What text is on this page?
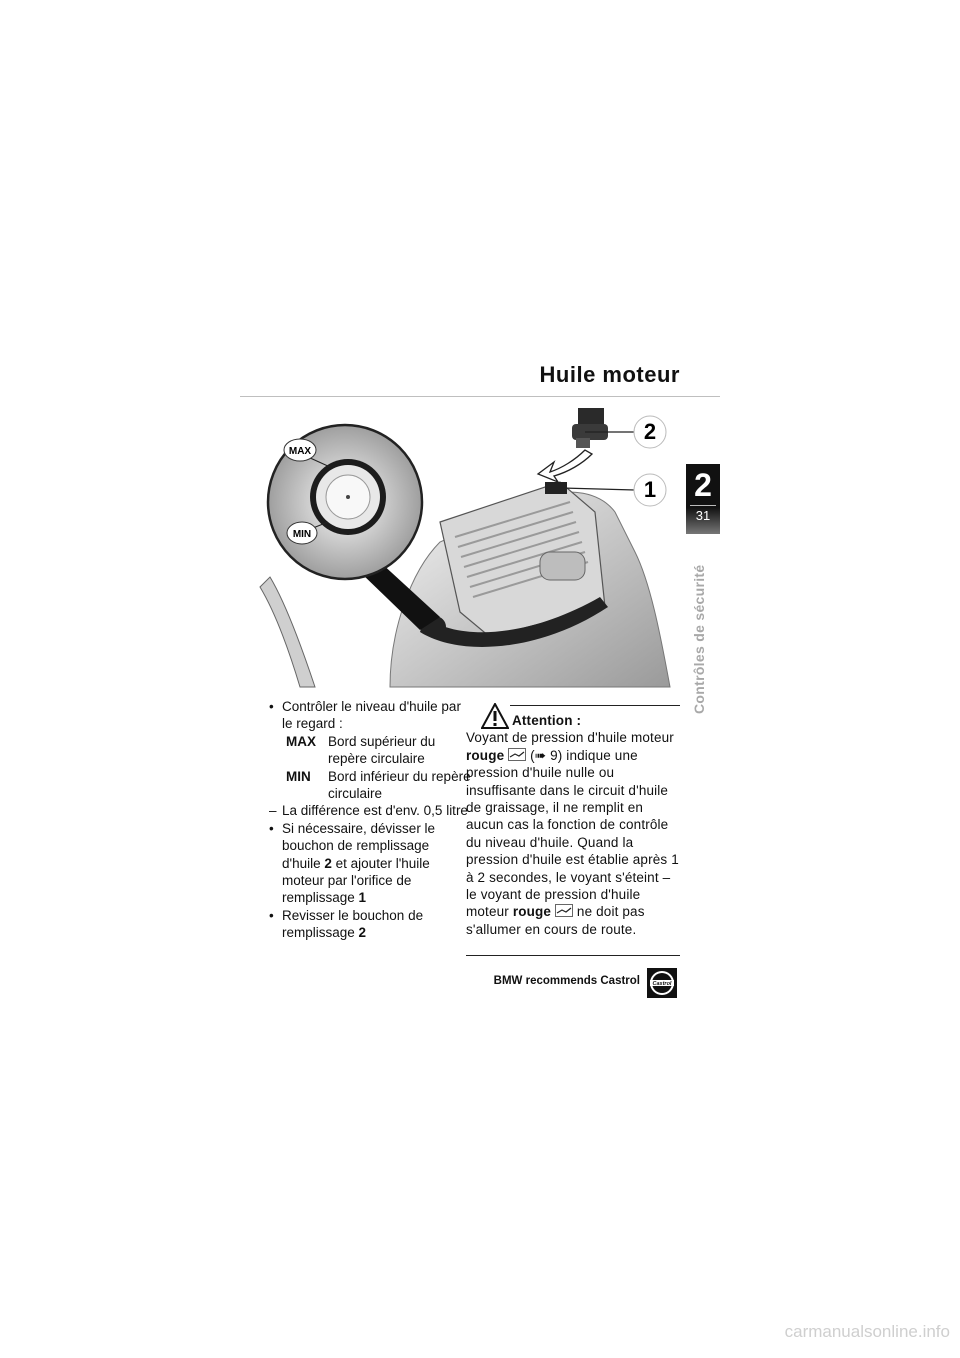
Huile moteur
2
1
MAX
MIN
2
31
Contrôles de sécurité
• Contrôler le niveau d'huile par le regard :
MAX Bord supérieur du repère circulaire
MIN	Bord inférieur du repère circulaire
– La différence est d'env. 0,5 litre
• Si nécessaire, dévisser le bouchon de remplissage d'huile 2 et ajouter l'huile moteur par l'orifice de remplissage 1
• Revisser le bouchon de remplissage 2
Attention :
Voyant de pression d'huile moteur rouge (➠ 9) indique une pression d'huile nulle ou insuffisante dans le circuit d'huile de graissage, il ne remplit en aucun cas la fonction de contrôle du niveau d'huile. Quand la pression d'huile est établie après 1 à 2 secondes, le voyant s'éteint – le voyant de pression d'huile moteur rouge ne doit pas s'allumer en cours de route.
BMW recommends Castrol Castrol
carmanualsonline.info
